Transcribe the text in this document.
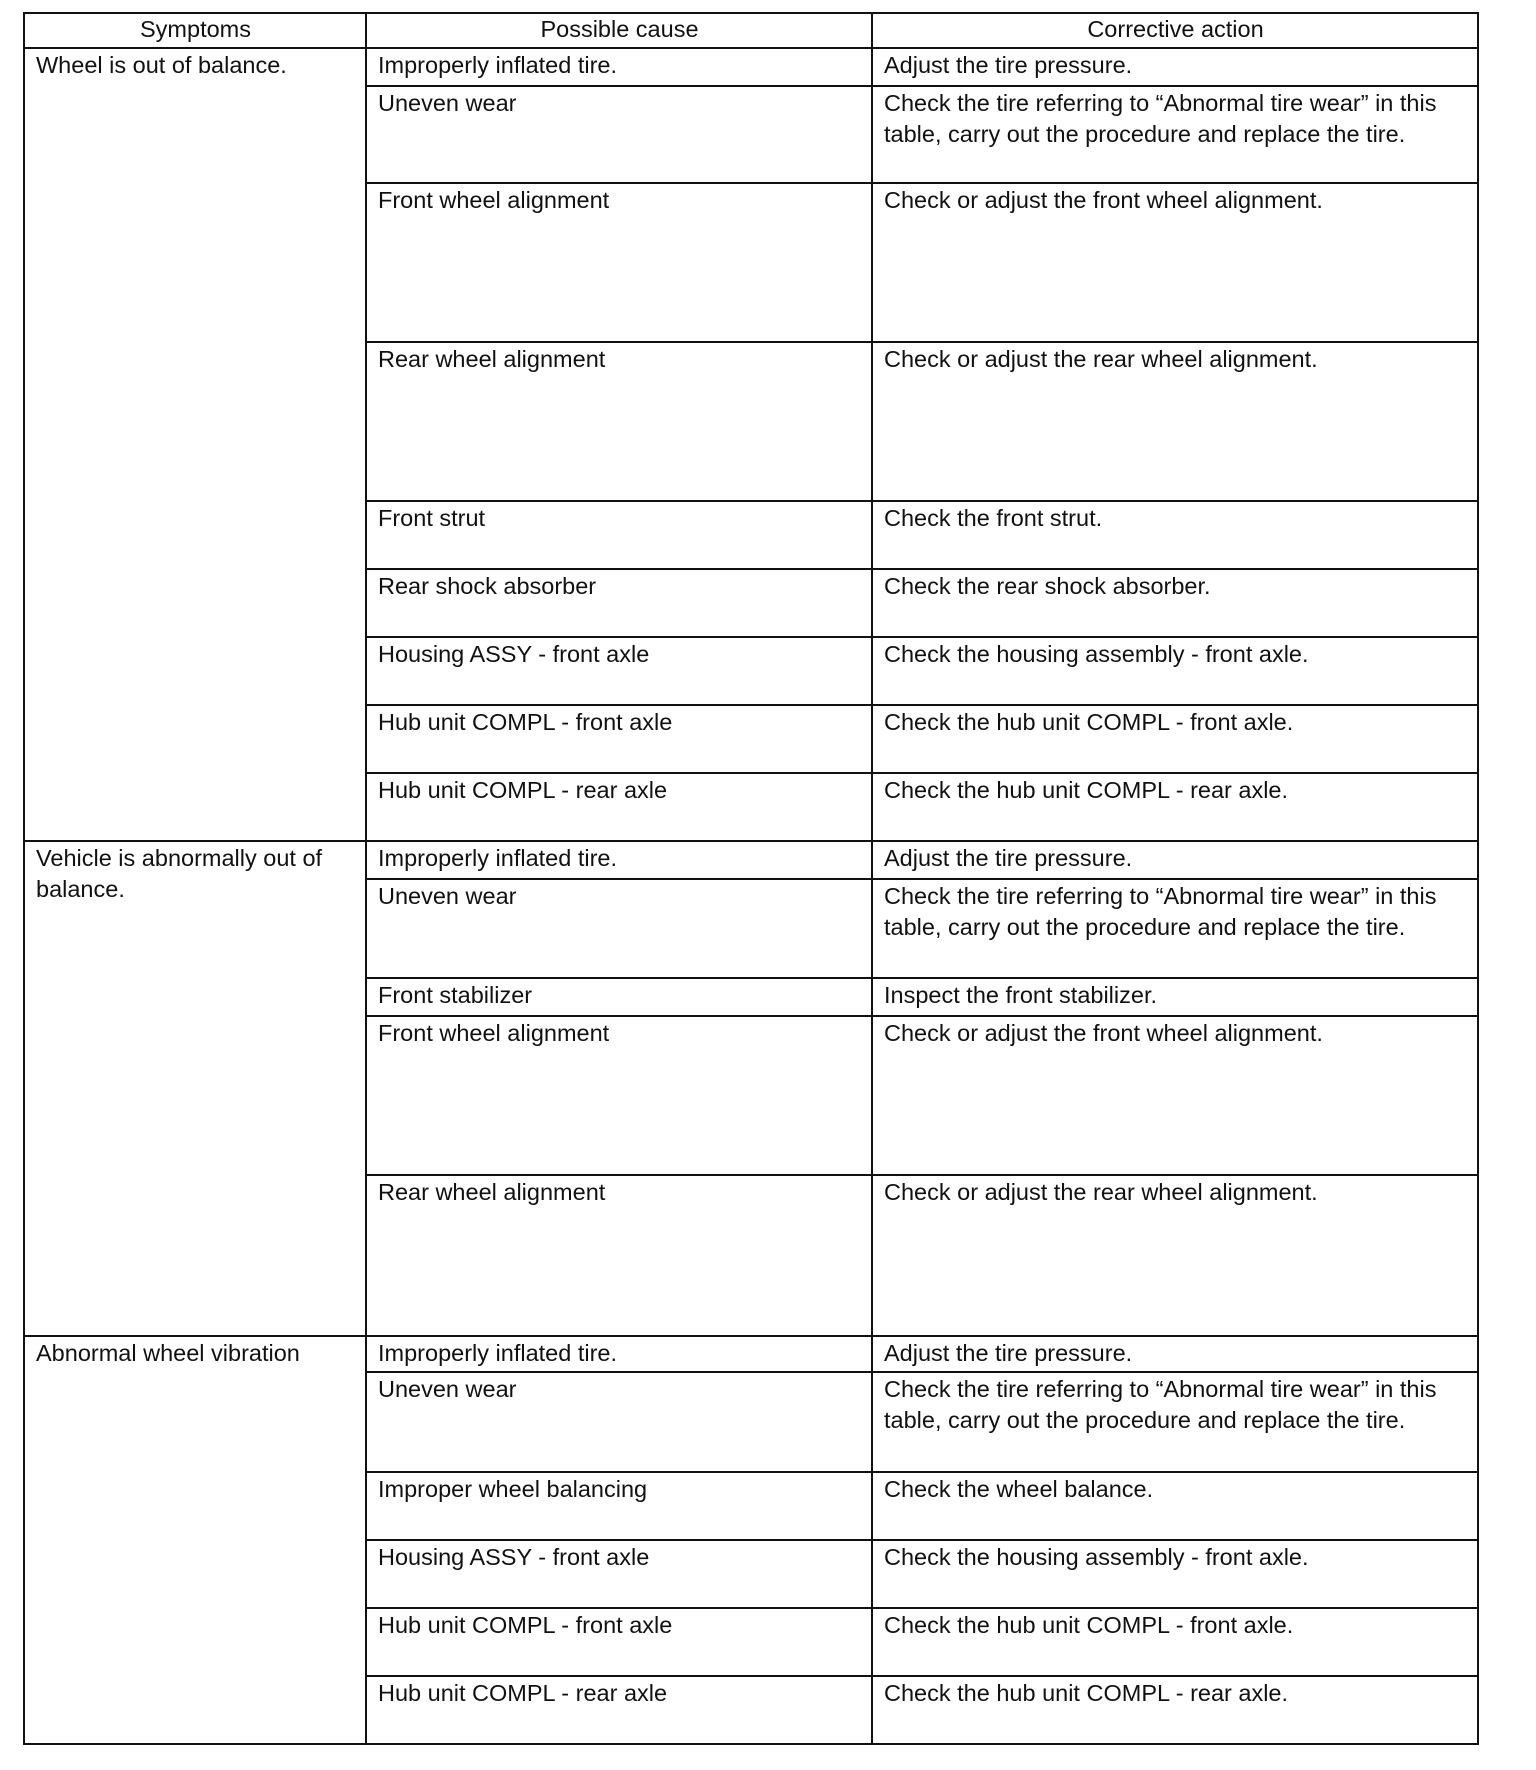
Symptoms	Possible cause	Corrective action
Wheel is out of balance.	Improperly inflated tire.	Adjust the tire pressure.
	Uneven wear	Check the tire referring to “Abnormal tire wear” in this table, carry out the procedure and replace the tire.
	Front wheel alignment	Check or adjust the front wheel alignment.
	Rear wheel alignment	Check or adjust the rear wheel alignment.
	Front strut	Check the front strut.
	Rear shock absorber	Check the rear shock absorber.
	Housing ASSY - front axle	Check the housing assembly - front axle.
	Hub unit COMPL - front axle	Check the hub unit COMPL - front axle.
	Hub unit COMPL - rear axle	Check the hub unit COMPL - rear axle.
Vehicle is abnormally out of balance.	Improperly inflated tire.	Adjust the tire pressure.
	Uneven wear	Check the tire referring to “Abnormal tire wear” in this table, carry out the procedure and replace the tire.
	Front stabilizer	Inspect the front stabilizer.
	Front wheel alignment	Check or adjust the front wheel alignment.
	Rear wheel alignment	Check or adjust the rear wheel alignment.
Abnormal wheel vibration	Improperly inflated tire.	Adjust the tire pressure.
	Uneven wear	Check the tire referring to “Abnormal tire wear” in this table, carry out the procedure and replace the tire.
	Improper wheel balancing	Check the wheel balance.
	Housing ASSY - front axle	Check the housing assembly - front axle.
	Hub unit COMPL - front axle	Check the hub unit COMPL - front axle.
	Hub unit COMPL - rear axle	Check the hub unit COMPL - rear axle.
